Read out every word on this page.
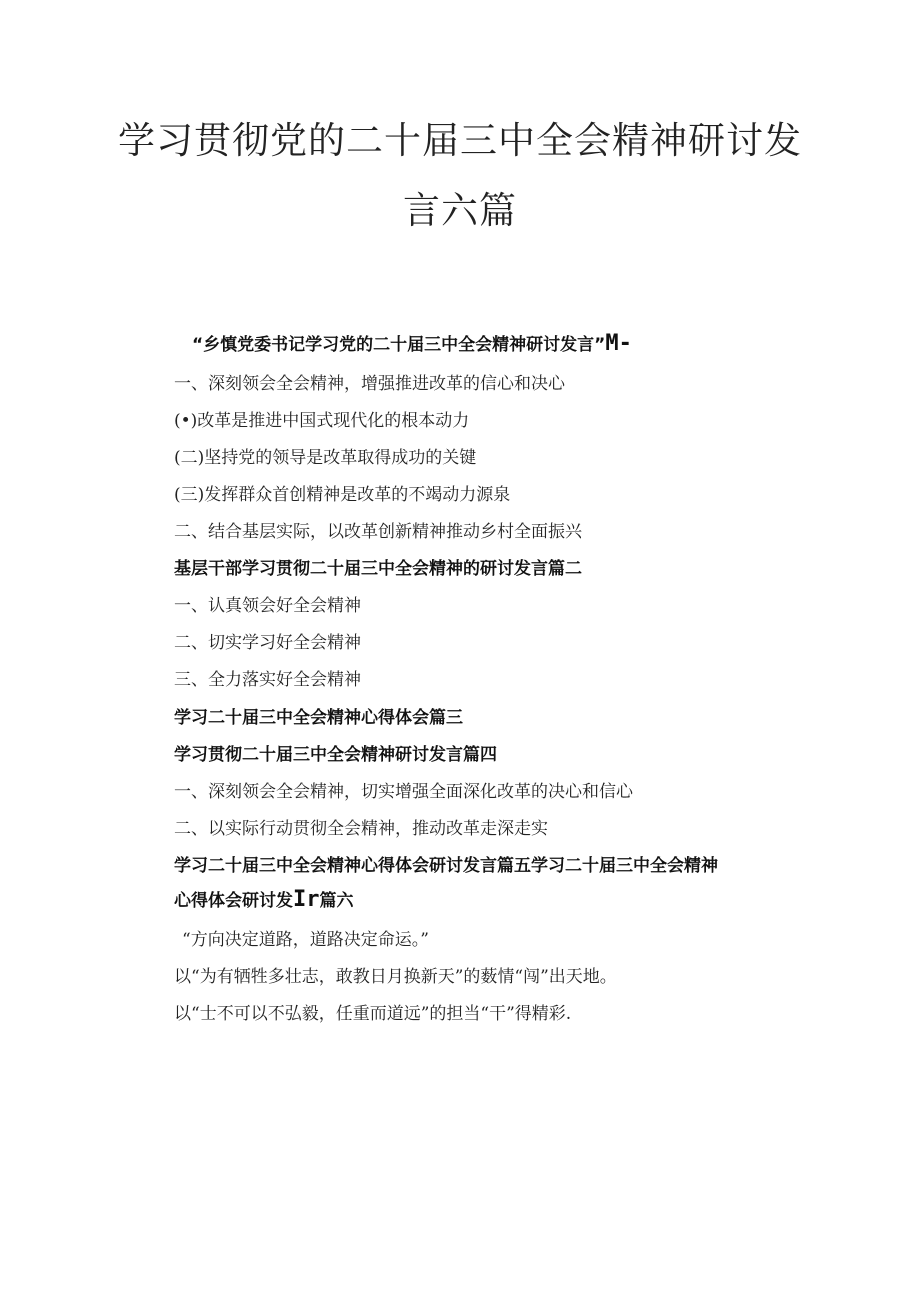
学习贯彻党的二十届三中全会精神研讨发
言六篇
“乡慎党委书记学习党的二十届三中全会精神研讨发言”M-

一、深刻领会全会精神，增强推进改革的信心和决心

(•)改革是推进中国式现代化的根本动力

(二)坚持党的领导是改革取得成功的关键

(三)发挥群众首创精神是改革的不竭动力源泉

二、结合基层实际，以改革创新精神推动乡村全面振兴

基层干部学习贯彻二十届三中全会精神的研讨发言篇二

一、认真领会好全会精神

二、切实学习好全会精神

三、全力落实好全会精神

学习二十届三中全会精神心得体会篇三

学习贯彻二十届三中全会精神研讨发言篇四

一、深刻领会全会精神，切实增强全面深化改革的决心和信心

二、以实际行动贯彻全会精神，推动改革走深走实

学习二十届三中全会精神心得体会研讨发言篇五学习二十届三中全会精神

心得体会研讨发Ir篇六

“方向决定道路，道路决定命运。”

以“为有牺牲多壮志，敢教日月换新天”的薮情“闯”出天地。

以“士不可以不弘毅，任重而道远”的担当“干”得精彩.
